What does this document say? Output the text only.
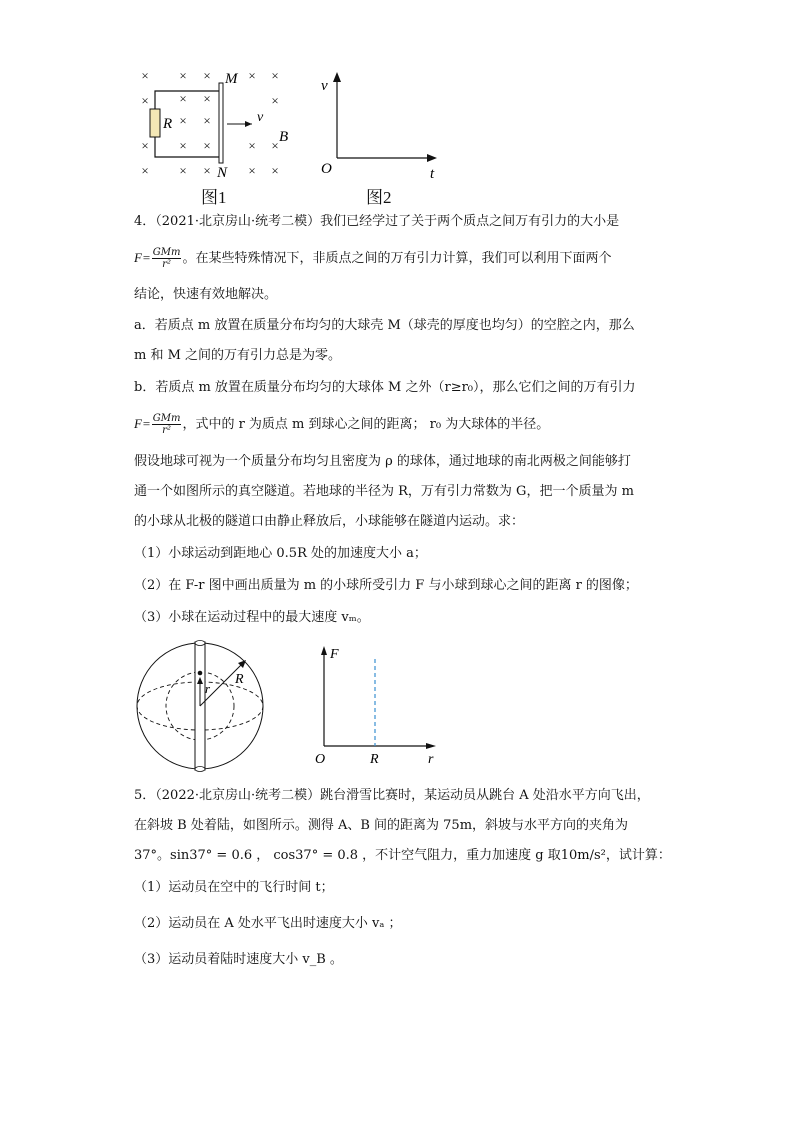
× × ×	× ×
×	×
× ×
× ×
× × ×	× ×
× × ×	× ×
M
N
R	v
B
图1
v
O	t
图2
4．（2021·北京房山·统考二模）我们已经学过了关于两个质点之间万有引力的大小是
$F= \frac{\text{GMm}}{\text{r²}}$ 。在某些特殊情况下，非质点之间的万有引力计算，我们可以利用下面两个
结论，快速有效地解决。
a．若质点 m 放置在质量分布均匀的大球壳 M（球壳的厚度也均匀）的空腔之内，那么
m 和 M 之间的万有引力总是为零。
b．若质点 m 放置在质量分布均匀的大球体 M 之外（r≥r₀），那么它们之间的万有引力
$F= \frac{\text{GMm}}{\text{r²}}$ ，式中的 r 为质点 m 到球心之间的距离； r₀ 为大球体的半径。
假设地球可视为一个质量分布均匀且密度为 ρ 的球体，通过地球的南北两极之间能够打
通一个如图所示的真空隧道。若地球的半径为 R，万有引力常数为 G，把一个质量为 m
的小球从北极的隧道口由静止释放后，小球能够在隧道内运动。求：
（1）小球运动到距地心 0.5R 处的加速度大小 a；
（2）在 F-r 图中画出质量为 m 的小球所受引力 F 与小球到球心之间的距离 r 的图像；
（3）小球在运动过程中的最大速度 vₘ。
r
R
F
O	R	r
5．（2022·北京房山·统考二模）跳台滑雪比赛时，某运动员从跳台 A 处沿水平方向飞出，
在斜坡 B 处着陆，如图所示。测得 A、B 间的距离为 75m，斜坡与水平方向的夹角为
37°。sin37° = 0.6 ， cos37° = 0.8 ，不计空气阻力，重力加速度 g 取10m/s²，试计算：
（1）运动员在空中的飞行时间 t；
（2）运动员在 A 处水平飞出时速度大小 vₐ ；
（3）运动员着陆时速度大小 v_B 。
